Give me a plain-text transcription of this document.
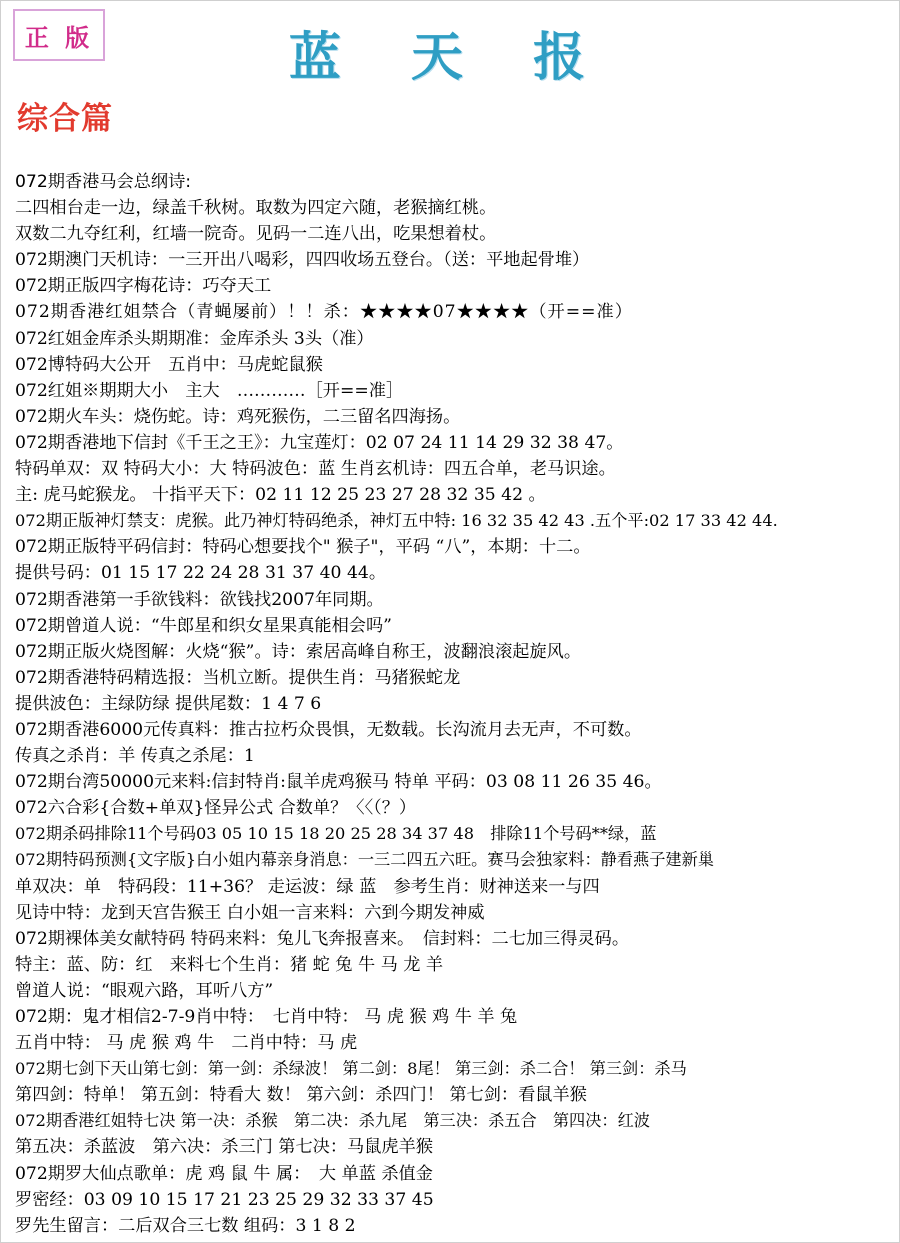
正 版	蓝 天 报
综合篇
072期香港马会总纲诗:
二四相台走一边，绿盖千秋树。取数为四定六随，老猴摘红桃。
双数二九夺红利，红墙一院奇。见码一二连八出，吃果想着杖。
072期澳门天机诗：一三开出八喝彩，四四收场五登台。（送：平地起骨堆）
072期正版四字梅花诗：巧夺天工
072期香港红姐禁合（青蝇屡前）！！杀：★★★★07★★★★（开==准）
072红姐金库杀头期期准：金库杀头 3头（准）
072博特码大公开　五肖中：马虎蛇鼠猴
072红姐※期期大小　主大　…………［开==准］
072期火车头：烧伤蛇。诗：鸡死猴伤，二三留名四海扬。
072期香港地下信封《千王之王》：九宝莲灯：02 07 24 11 14 29 32 38 47。
特码单双：双 特码大小：大 特码波色：蓝 生肖玄机诗：四五合单，老马识途。
主: 虎马蛇猴龙。 十指平天下：02 11 12 25 23 27 28 32 35 42 。
072期正版神灯禁支：虎猴。此乃神灯特码绝杀，神灯五中特: 16 32 35 42 43 .五个平:02 17 33 42 44.
072期正版特平码信封：特码心想要找个" 猴子"，平码 “八”，本期：十二。
提供号码：01 15 17 22 24 28 31 37 40 44。
072期香港第一手欲钱料：欲钱找2007年同期。
072期曾道人说：“牛郎星和织女星果真能相会吗”
072期正版火烧图解：火烧“猴”。诗：索居高峰自称王，波翻浪滚起旋风。
072期香港特码精选报：当机立断。提供生肖：马猪猴蛇龙
提供波色：主绿防绿 提供尾数：1 4 7 6
072期香港6000元传真料：推古拉朽众畏惧，无数载。长沟流月去无声，不可数。
传真之杀肖：羊 传真之杀尾：1
072期台湾50000元来料:信封特肖:鼠羊虎鸡猴马 特单 平码：03 08 11 26 35 46。
072六合彩{合数+单双}怪异公式 合数单？〈〈（？）
072期杀码排除11个号码03 05 10 15 18 20 25 28 34 37 48　排除11个号码**绿，蓝
072期特码预测{文字版}白小姐内幕亲身消息：一三二四五六旺。赛马会独家料：静看燕子建新巢
单双决：单　特码段：11+36？ 走运波：绿 蓝　参考生肖：财神送来一与四
见诗中特：龙到天宫告猴王 白小姐一言来料：六到今期发神威
072期裸体美女献特码 特码来料：兔儿飞奔报喜来。　信封料：二七加三得灵码。
特主：蓝、防：红　来料七个生肖：猪 蛇 兔 牛 马 龙 羊
曾道人说：“眼观六路，耳听八方”
072期：鬼才相信2-7-9肖中特：　七肖中特： 马 虎 猴 鸡 牛 羊 兔
五肖中特： 马 虎 猴 鸡 牛　二肖中特：马 虎
072期七剑下天山第七剑：第一剑：杀绿波！ 第二剑：8尾！ 第三剑：杀二合！ 第三剑：杀马
第四剑：特单！ 第五剑：特看大 数！ 第六剑：杀四门！ 第七剑：看鼠羊猴
072期香港红姐特七决 第一决：杀猴　第二决：杀九尾　第三决：杀五合　第四决：红波
第五决：杀蓝波　第六决：杀三门 第七决：马鼠虎羊猴
072期罗大仙点歌单：虎 鸡 鼠 牛 属：　大 单蓝 杀值金
罗密经：03 09 10 15 17 21 23 25 29 32 33 37 45
罗先生留言：二后双合三七数 组码：3 1 8 2
